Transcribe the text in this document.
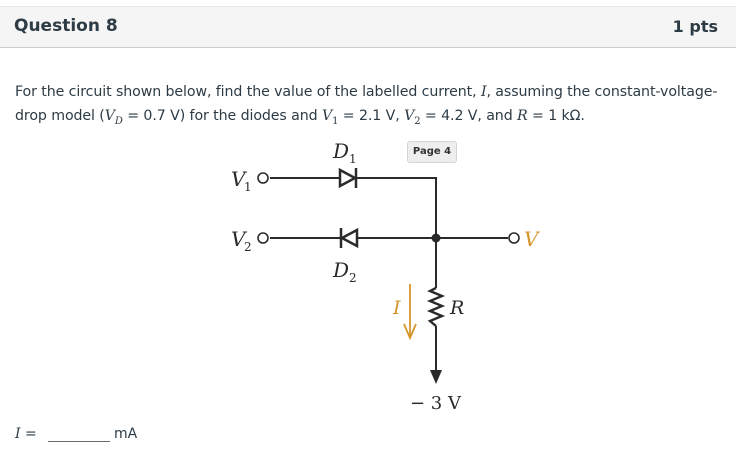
Question 8	1 pts
For the circuit shown below, find the value of the labelled current, I, assuming the constant-voltage-drop model ($V_D = 0.7$ V) for the diodes and $V_1 = 2.1$ V, $V_2 = 4.2$ V, and R = 1 kΩ.
Page 4
D 1
D 2
V
1
V
2	V
I	R
− 3 V
I =	mA
